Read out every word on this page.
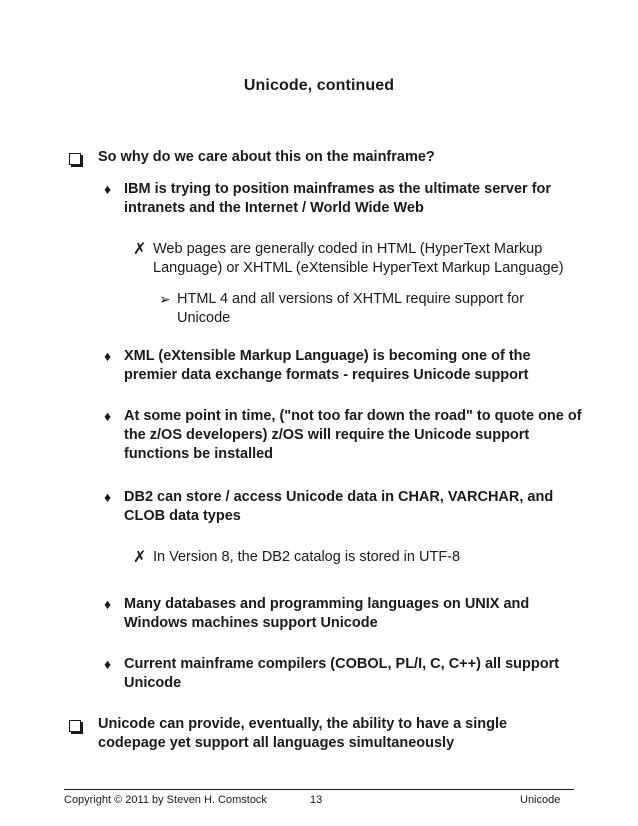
Unicode, continued
So why do we care about this on the mainframe?
♦ IBM is trying to position mainframes as the ultimate server for intranets and the Internet / World Wide Web
✗ Web pages are generally coded in HTML (HyperText Markup Language) or XHTML (eXtensible HyperText Markup Language)
➢ HTML 4 and all versions of XHTML require support for Unicode
♦ XML (eXtensible Markup Language) is becoming one of the premier data exchange formats - requires Unicode support
♦ At some point in time, ("not too far down the road" to quote one of the z/OS developers) z/OS will require the Unicode support functions be installed
♦ DB2 can store / access Unicode data in CHAR, VARCHAR, and CLOB data types
✗ In Version 8, the DB2 catalog is stored in UTF-8
♦ Many databases and programming languages on UNIX and Windows machines support Unicode
♦ Current mainframe compilers (COBOL, PL/I, C, C++) all support Unicode
Unicode can provide, eventually, the ability to have a single codepage yet support all languages simultaneously
Copyright © 2011 by Steven H. Comstock	13	Unicode
